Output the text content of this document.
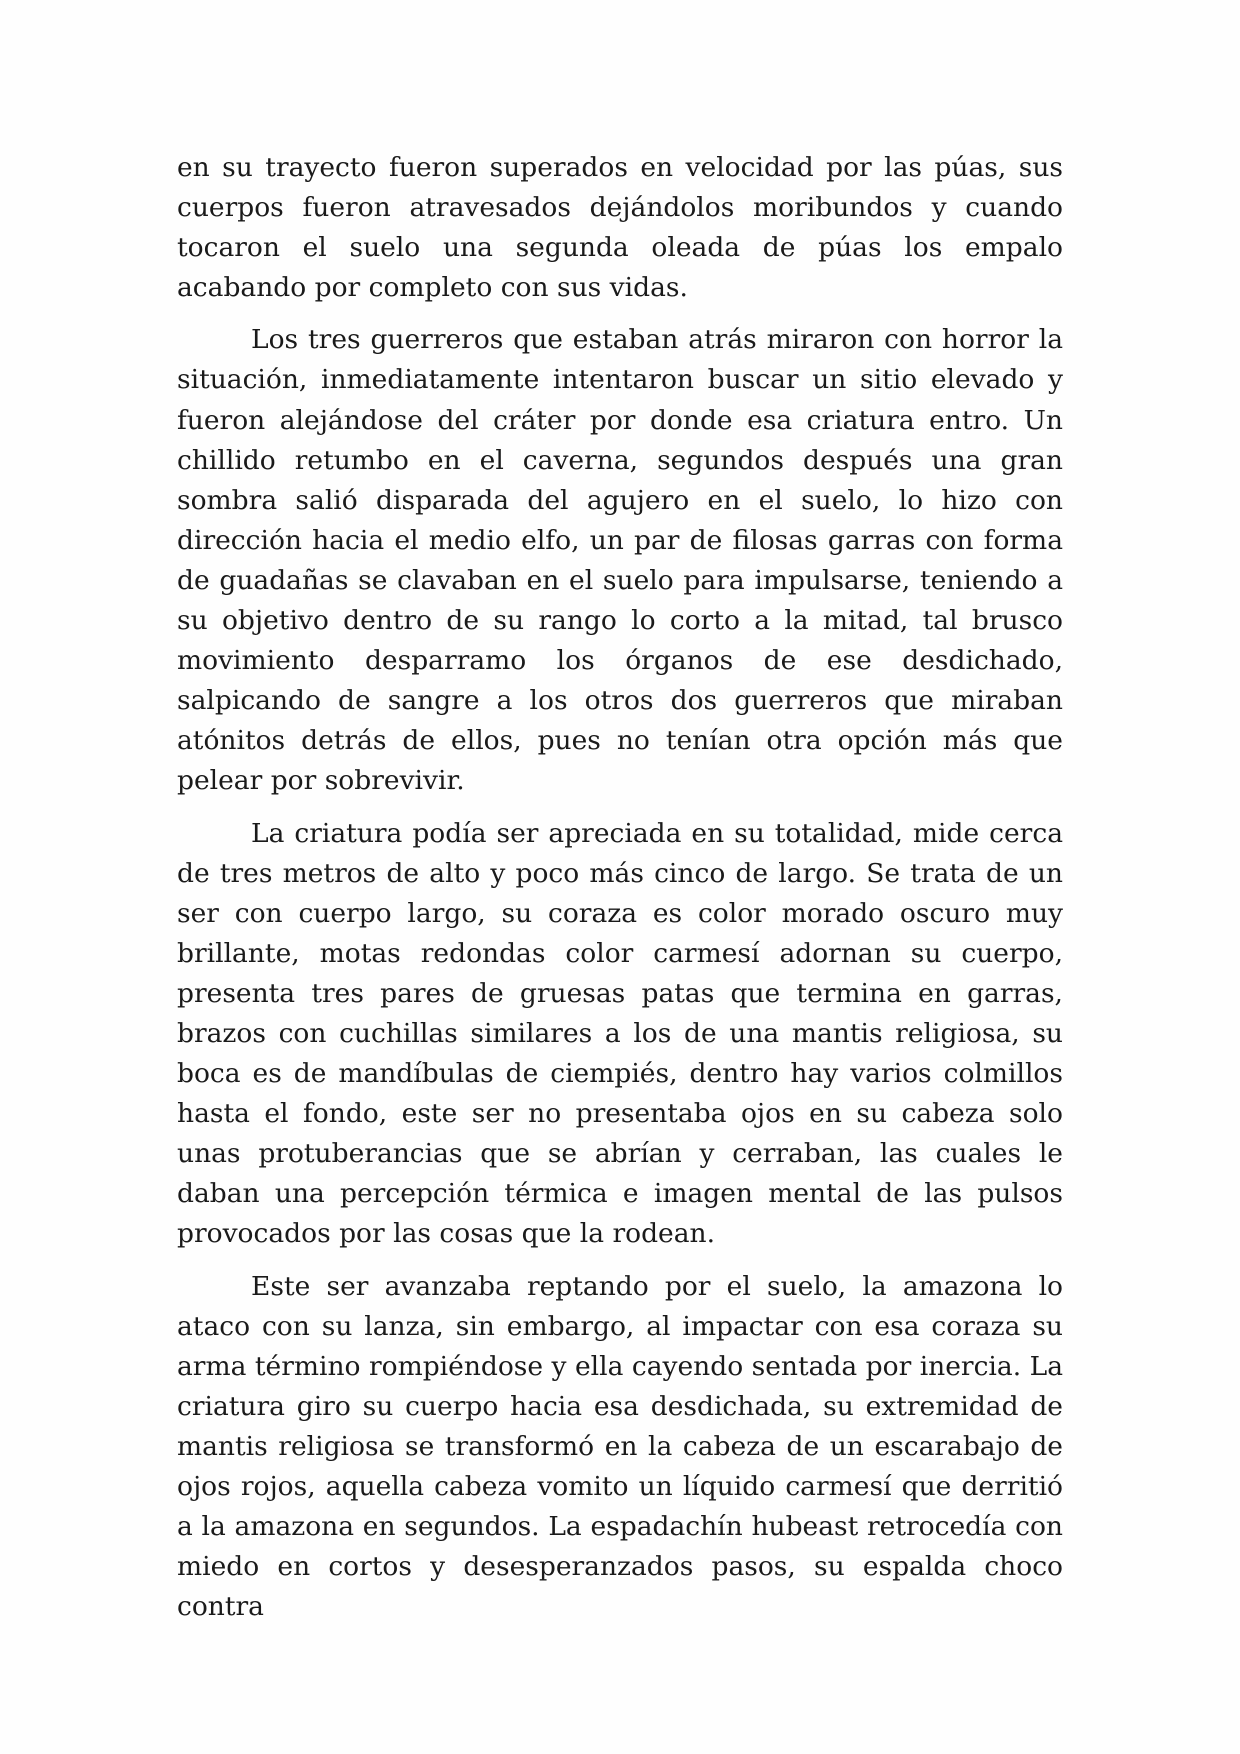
en su trayecto fueron superados en velocidad por las púas, sus cuerpos fueron atravesados dejándolos moribundos y cuando tocaron el suelo una segunda oleada de púas los empalo acabando por completo con sus vidas.

Los tres guerreros que estaban atrás miraron con horror la situación, inmediatamente intentaron buscar un sitio elevado y fueron alejándose del cráter por donde esa criatura entro. Un chillido retumbo en el caverna, segundos después una gran sombra salió disparada del agujero en el suelo, lo hizo con dirección hacia el medio elfo, un par de filosas garras con forma de guadañas se clavaban en el suelo para impulsarse, teniendo a su objetivo dentro de su rango lo corto a la mitad, tal brusco movimiento desparramo los órganos de ese desdichado, salpicando de sangre a los otros dos guerreros que miraban atónitos detrás de ellos, pues no tenían otra opción más que pelear por sobrevivir.

La criatura podía ser apreciada en su totalidad, mide cerca de tres metros de alto y poco más cinco de largo. Se trata de un ser con cuerpo largo, su coraza es color morado oscuro muy brillante, motas redondas color carmesí adornan su cuerpo, presenta tres pares de gruesas patas que termina en garras, brazos con cuchillas similares a los de una mantis religiosa, su boca es de mandíbulas de ciempiés, dentro hay varios colmillos hasta el fondo, este ser no presentaba ojos en su cabeza solo unas protuberancias que se abrían y cerraban, las cuales le daban una percepción térmica e imagen mental de las pulsos provocados por las cosas que la rodean.

Este ser avanzaba reptando por el suelo, la amazona lo ataco con su lanza, sin embargo, al impactar con esa coraza su arma término rompiéndose y ella cayendo sentada por inercia. La criatura giro su cuerpo hacia esa desdichada, su extremidad de mantis religiosa se transformó en la cabeza de un escarabajo de ojos rojos, aquella cabeza vomito un líquido carmesí que derritió a la amazona en segundos. La espadachín hubeast retrocedía con miedo en cortos y desesperanzados pasos, su espalda choco contra
